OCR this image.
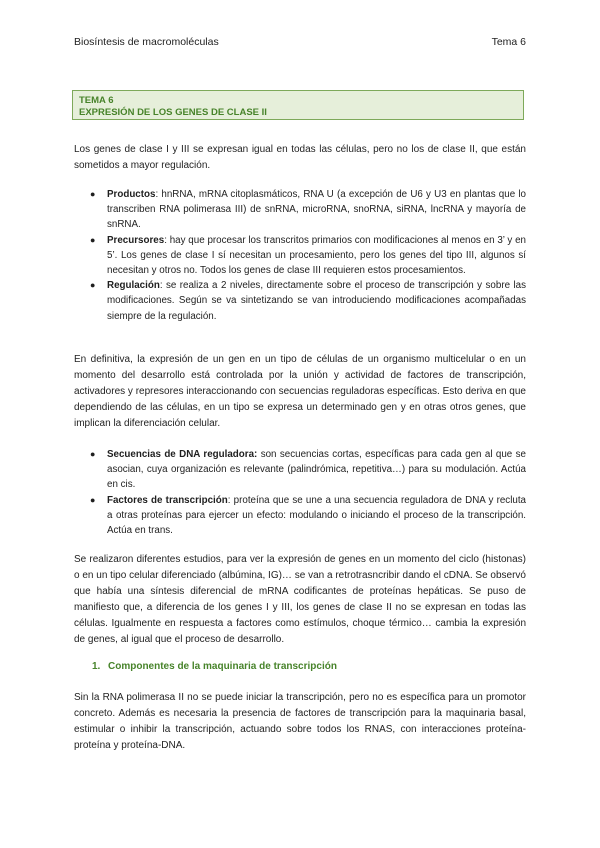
Biosíntesis de macromoléculas	Tema 6
TEMA 6
EXPRESIÓN DE LOS GENES DE CLASE II

Los genes de clase I y III se expresan igual en todas las células, pero no los de clase II, que están sometidos a mayor regulación.

● Productos: hnRNA, mRNA citoplasmáticos, RNA U (a excepción de U6 y U3 en plantas que lo transcriben RNA polimerasa III) de snRNA, microRNA, snoRNA, siRNA, lncRNA y mayoría de snRNA.
● Precursores: hay que procesar los transcritos primarios con modificaciones al menos en 3’ y en 5’. Los genes de clase I sí necesitan un procesamiento, pero los genes del tipo III, algunos sí necesitan y otros no. Todos los genes de clase III requieren estos procesamientos.
● Regulación: se realiza a 2 niveles, directamente sobre el proceso de transcripción y sobre las modificaciones. Según se va sintetizando se van introduciendo modificaciones acompañadas siempre de la regulación.

En definitiva, la expresión de un gen en un tipo de células de un organismo multicelular o en un momento del desarrollo está controlada por la unión y actividad de factores de transcripción, activadores y represores interaccionando con secuencias reguladoras específicas. Esto deriva en que dependiendo de las células, en un tipo se expresa un determinado gen y en otras otros genes, que implican la diferenciación celular.

● Secuencias de DNA reguladora: son secuencias cortas, específicas para cada gen al que se asocian, cuya organización es relevante (palindrómica, repetitiva…) para su modulación. Actúa en cis.
● Factores de transcripción: proteína que se une a una secuencia reguladora de DNA y recluta a otras proteínas para ejercer un efecto: modulando o iniciando el proceso de la transcripción. Actúa en trans.

Se realizaron diferentes estudios, para ver la expresión de genes en un momento del ciclo (histonas) o en un tipo celular diferenciado (albúmina, IG)… se van a retrotrasncribir dando el cDNA. Se observó que había una síntesis diferencial de mRNA codificantes de proteínas hepáticas. Se puso de manifiesto que, a diferencia de los genes I y III, los genes de clase II no se expresan en todas las células. Igualmente en respuesta a factores como estímulos, choque térmico… cambia la expresión de genes, al igual que el proceso de desarrollo.

1. Componentes de la maquinaria de transcripción

Sin la RNA polimerasa II no se puede iniciar la transcripción, pero no es específica para un promotor concreto. Además es necesaria la presencia de factores de transcripción para la maquinaria basal, estimular o inhibir la transcripción, actuando sobre todos los RNAS, con interacciones proteína-proteína y proteína-DNA.
